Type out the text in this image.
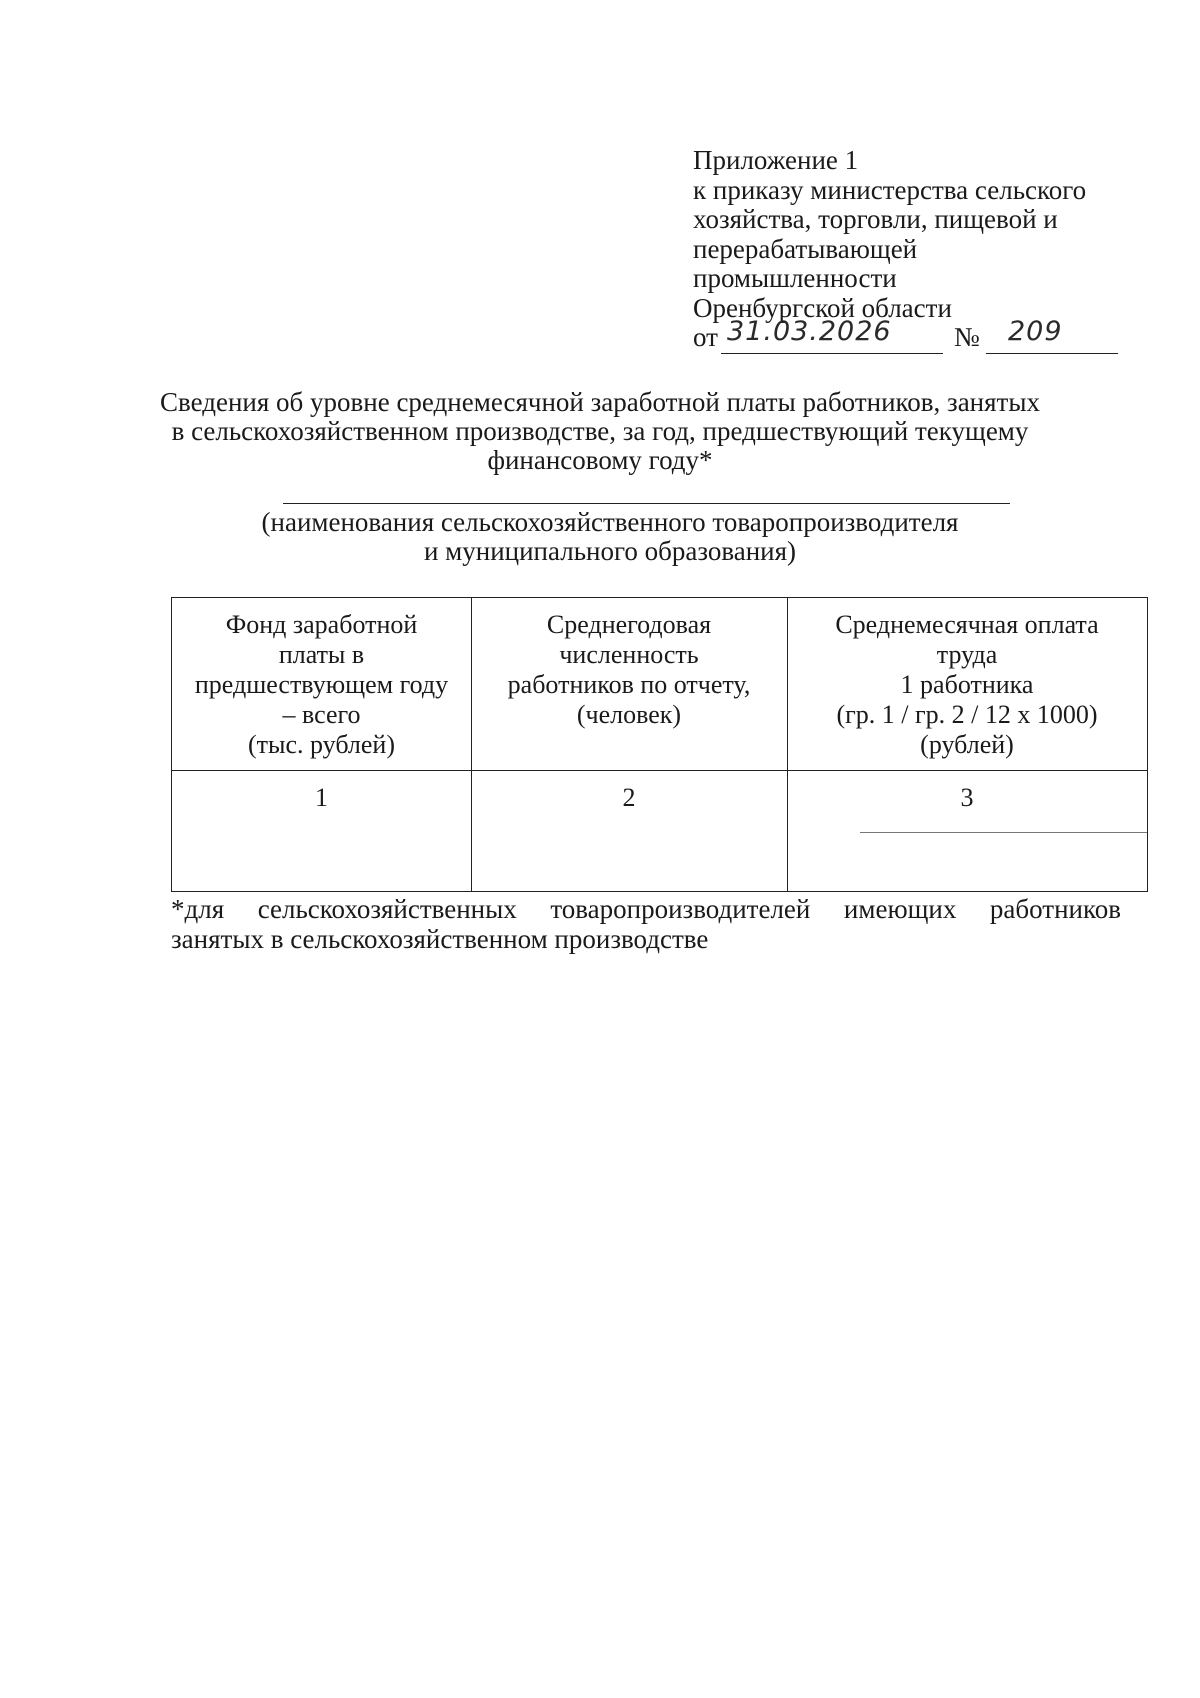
Приложение 1
к приказу министерства сельского
хозяйства, торговли, пищевой и
перерабатывающей
промышленности
Оренбургской области
от 31.03.2026 № 209
Сведения об уровне среднемесячной заработной платы работников, занятых
в сельскохозяйственном производстве, за год, предшествующий текущему
финансовому году*
(наименования сельскохозяйственного товаропроизводителя
и муниципального образования)
Фонд заработной
платы в
предшествующем году
– всего
(тыс. рублей)
Среднегодовая
численность
работников по отчету,
(человек)
Среднемесячная оплата
труда
1 работника
(гр. 1 / гр. 2 / 12 х 1000)
(рублей)
1	2	3
*для сельскохозяйственных товаропроизводителей имеющих работников
занятых в сельскохозяйственном производстве
